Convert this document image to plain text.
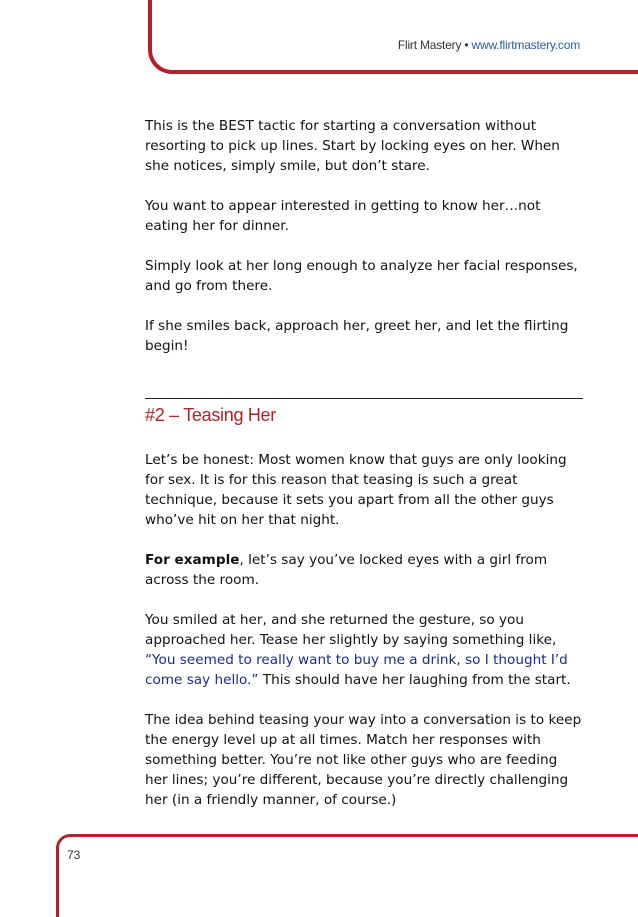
Flirt Mastery • www.flirtmastery.com

This is the BEST tactic for starting a conversation without resorting to pick up lines. Start by locking eyes on her. When she notices, simply smile, but don’t stare.

You want to appear interested in getting to know her…not eating her for dinner.

Simply look at her long enough to analyze her facial responses, and go from there.

If she smiles back, approach her, greet her, and let the flirting begin!

#2 – Teasing Her

Let’s be honest: Most women know that guys are only looking for sex. It is for this reason that teasing is such a great technique, because it sets you apart from all the other guys who’ve hit on her that night.

For example, let’s say you’ve locked eyes with a girl from across the room.

You smiled at her, and she returned the gesture, so you approached her. Tease her slightly by saying something like, “You seemed to really want to buy me a drink, so I thought I’d come say hello.” This should have her laughing from the start.

The idea behind teasing your way into a conversation is to keep the energy level up at all times. Match her responses with something better. You’re not like other guys who are feeding her lines; you’re different, because you’re directly challenging her (in a friendly manner, of course.)

73
